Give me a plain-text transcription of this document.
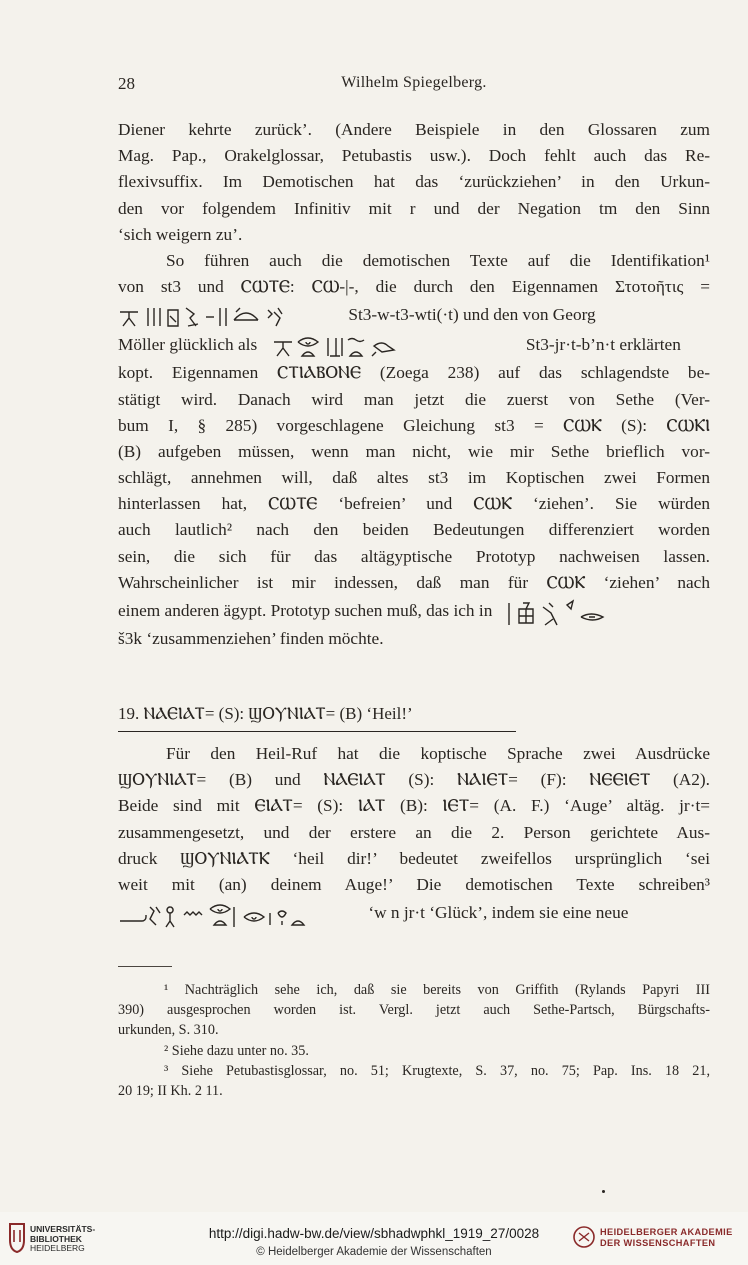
28	Wilhelm Spiegelberg.
Diener kehrte zurück’. (Andere Beispiele in den Glossaren zum
Mag. Pap., Orakelglossar, Petubastis usw.). Doch fehlt auch das Re-
flexivsuffix. Im Demotischen hat das ‘zurückziehen’ in den Urkun-
den vor folgendem Infinitiv mit r und der Negation tm den Sinn
‘sich weigern zu’.
So führen auch die demotischen Texte auf die Identifikation¹
von st3 und ⲤⲰⲦⲈ: ⲤⲰ-|-, die durch den Eigennamen Στοτοῆτις =
St3-w-t3-wti(·t) und den von Georg
Möller glücklich als	St3-jr·t-b’n·t erklärten
kopt. Eigennamen ⲤⲦⲒⲀⲂⲞⲚⲈ (Zoega 238) auf das schlagendste be-
stätigt wird. Danach wird man jetzt die zuerst von Sethe (Ver-
bum I, § 285) vorgeschlagene Gleichung st3 = ⲤⲰⲔ (S): ⲤⲰⲔⲒ
(B) aufgeben müssen, wenn man nicht, wie mir Sethe brieflich vor-
schlägt, annehmen will, daß altes st3 im Koptischen zwei Formen
hinterlassen hat, ⲤⲰⲦⲈ ‘befreien’ und ⲤⲰⲔ ‘ziehen’. Sie würden
auch lautlich² nach den beiden Bedeutungen differenziert worden
sein, die sich für das altägyptische Prototyp nachweisen lassen.
Wahrscheinlicher ist mir indessen, daß man für ⲤⲰⲔ ‘ziehen’ nach
einem anderen ägypt. Prototyp suchen muß, das ich in
š3k ‘zusammenziehen’ finden möchte.
19. ⲚⲀⲈⲒⲀⲦ= (S): ϢⲞⲨⲚⲒⲀⲦ= (B) ‘Heil!’
Für den Heil-Ruf hat die koptische Sprache zwei Ausdrücke
ϢⲞⲨⲚⲒⲀⲦ= (B) und ⲚⲀⲈⲒⲀⲦ (S): ⲚⲀⲒⲈⲦ= (F): ⲚⲈⲈⲒⲈⲦ (A2).
Beide sind mit ⲈⲒⲀⲦ= (S): ⲒⲀⲦ (B): ⲒⲈⲦ= (A. F.) ‘Auge’ altäg. jr·t=
zusammengesetzt, und der erstere an die 2. Person gerichtete Aus-
druck ϢⲞⲨⲚⲒⲀⲦⲔ ‘heil dir!’ bedeutet zweifellos ursprünglich ‘sei
weit mit (an) deinem Auge!’ Die demotischen Texte schreiben³
‘w n jr·t ‘Glück’, indem sie eine neue
¹ Nachträglich sehe ich, daß sie bereits von Griffith (Rylands Papyri III
390) ausgesprochen worden ist. Vergl. jetzt auch Sethe-Partsch, Bürgschafts-
urkunden, S. 310.
² Siehe dazu unter no. 35.
³ Siehe Petubastisglossar, no. 51; Krugtexte, S. 37, no. 75; Pap. Ins. 18 21,
20 19; II Kh. 2 11.
UNIVERSITÄTS-
BIBLIOTHEK
HEIDELBERG
http://digi.hadw-bw.de/view/sbhadwphkl_1919_27/0028
© Heidelberger Akademie der Wissenschaften
HEIDELBERGER AKADEMIE
DER WISSENSCHAFTEN
